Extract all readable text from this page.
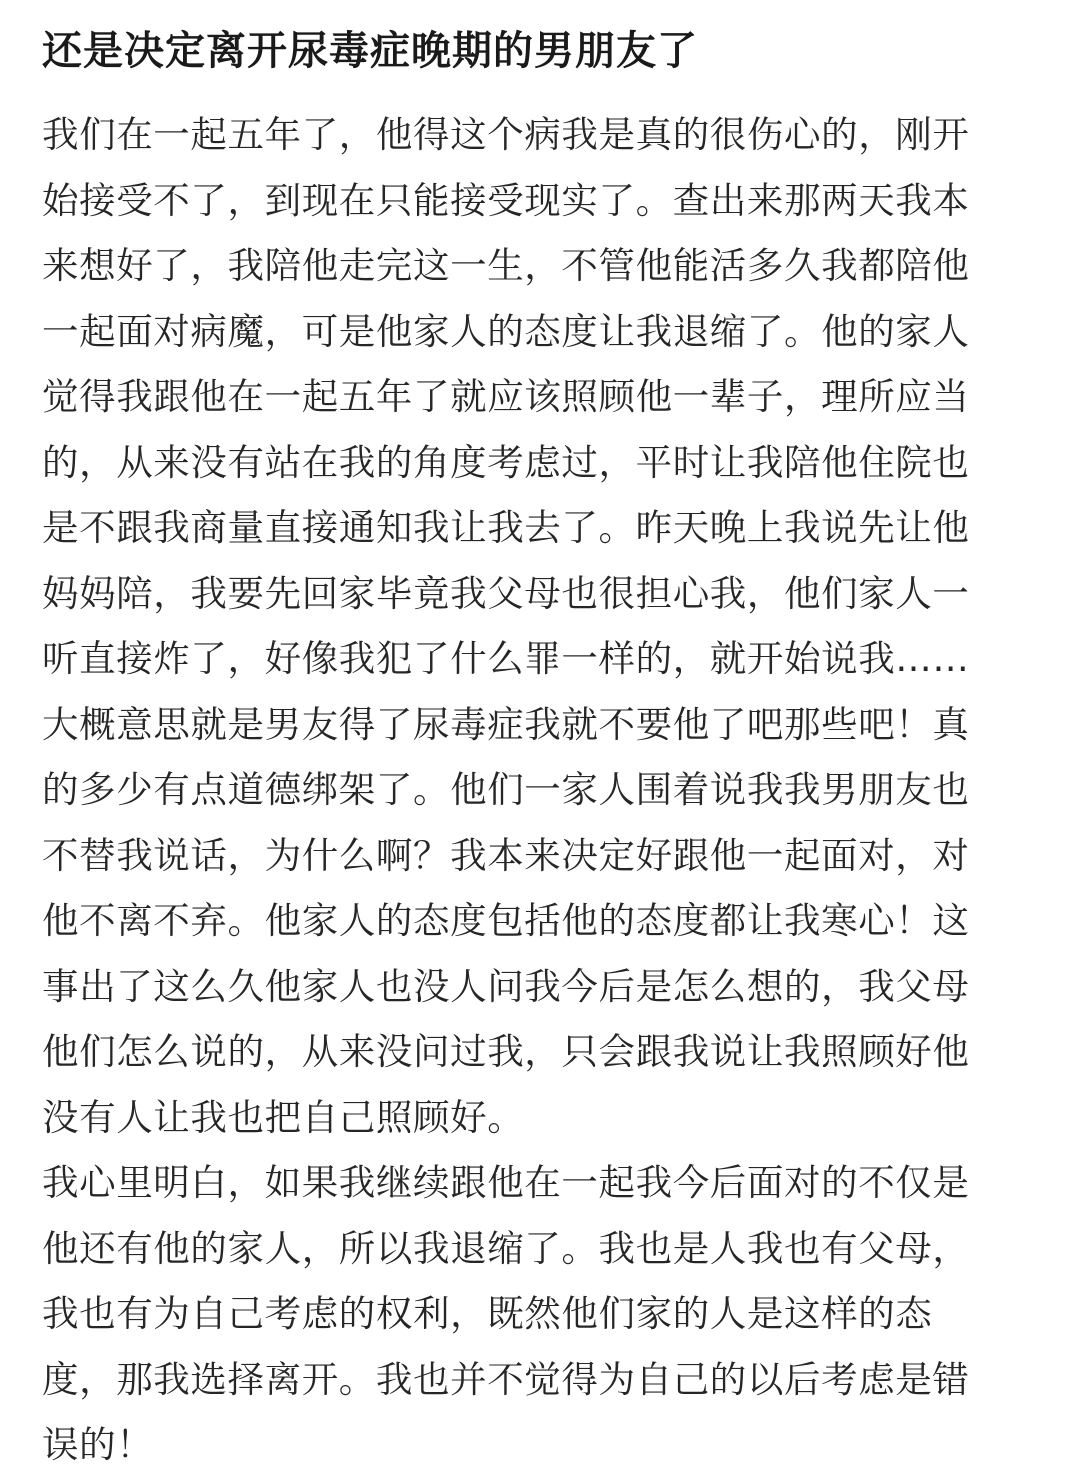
还是决定离开尿毒症晚期的男朋友了
我们在一起五年了，他得这个病我是真的很伤心的，刚开
始接受不了，到现在只能接受现实了。查出来那两天我本
来想好了，我陪他走完这一生，不管他能活多久我都陪他
一起面对病魔，可是他家人的态度让我退缩了。他的家人
觉得我跟他在一起五年了就应该照顾他一辈子，理所应当
的，从来没有站在我的角度考虑过，平时让我陪他住院也
是不跟我商量直接通知我让我去了。昨天晚上我说先让他
妈妈陪，我要先回家毕竟我父母也很担心我，他们家人一
听直接炸了，好像我犯了什么罪一样的，就开始说我……
大概意思就是男友得了尿毒症我就不要他了吧那些吧！真
的多少有点道德绑架了。他们一家人围着说我我男朋友也
不替我说话，为什么啊？我本来决定好跟他一起面对，对
他不离不弃。他家人的态度包括他的态度都让我寒心！这
事出了这么久他家人也没人问我今后是怎么想的，我父母
他们怎么说的，从来没问过我，只会跟我说让我照顾好他
没有人让我也把自己照顾好。
我心里明白，如果我继续跟他在一起我今后面对的不仅是
他还有他的家人，所以我退缩了。我也是人我也有父母，
我也有为自己考虑的权利，既然他们家的人是这样的态
度，那我选择离开。我也并不觉得为自己的以后考虑是错
误的！
